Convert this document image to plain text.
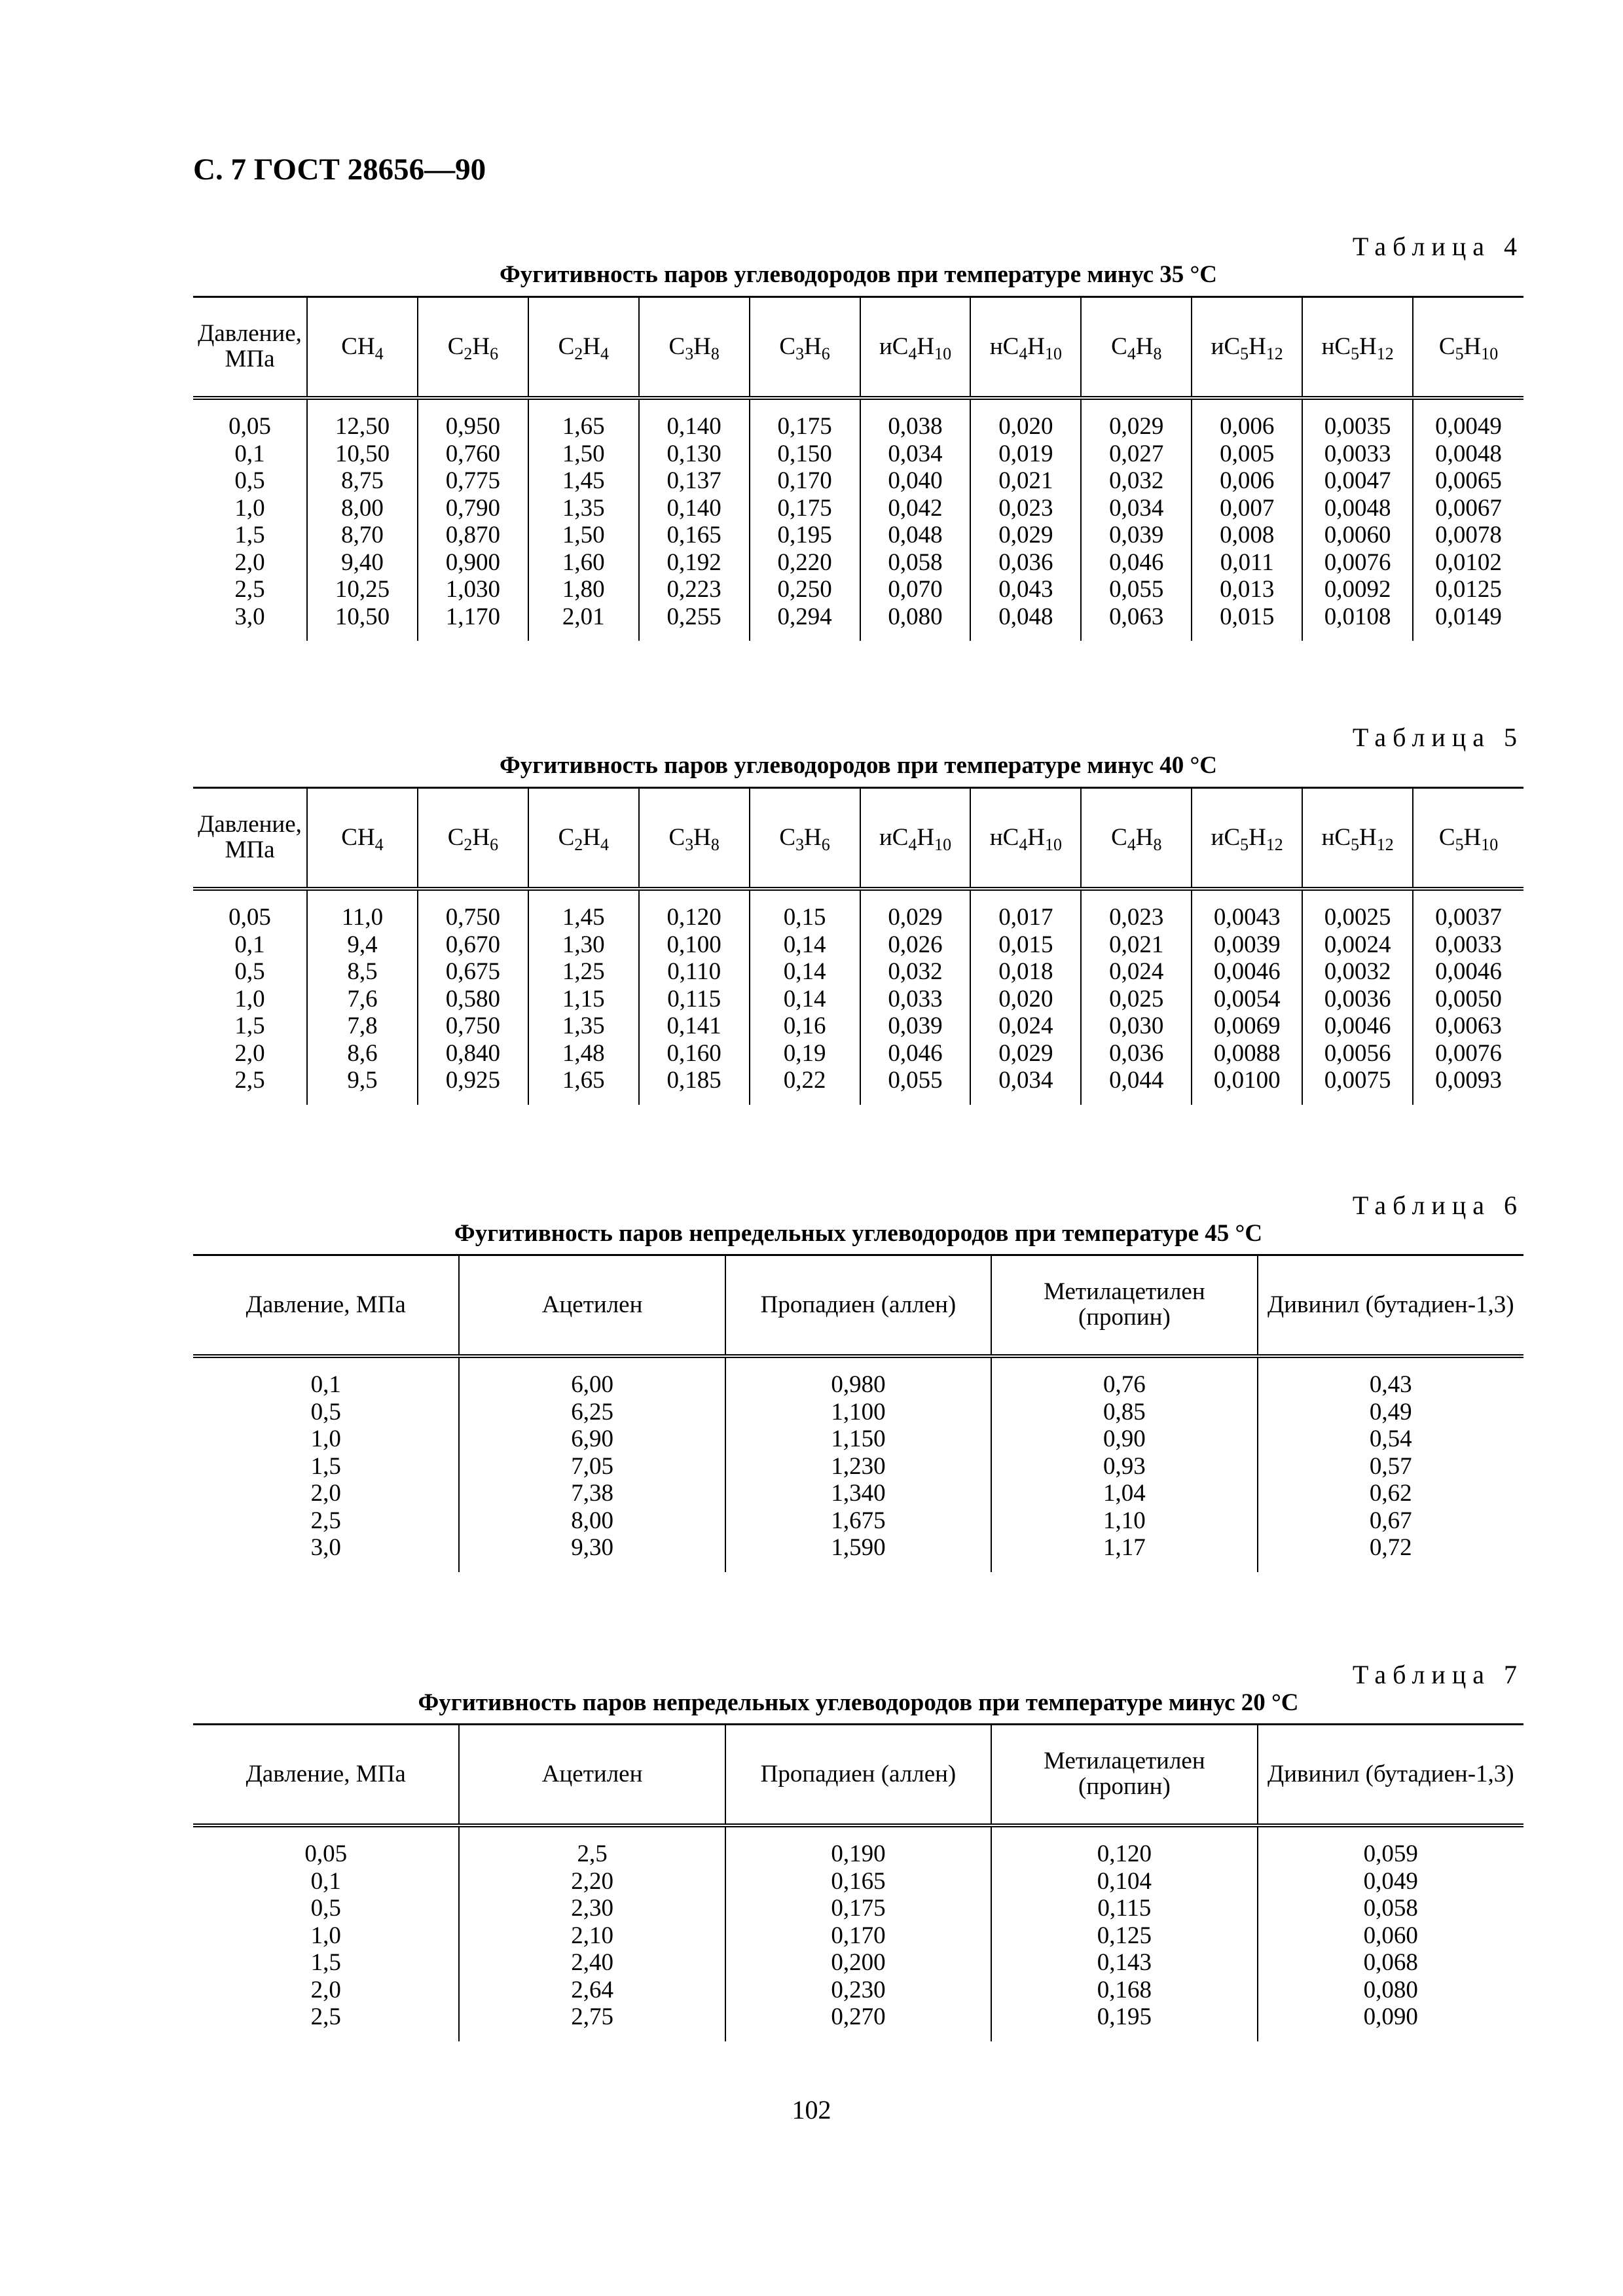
С. 7 ГОСТ 28656—90
Таблица 4
Фугитивность паров углеводородов при температуре минус 35 °С
Давление, МПа	$CH_4$	$C_2H_6$	$C_2H_4$	$C_3H_8$	$C_3H_6$	$иC_4H_{10}$	$нC_4H_{10}$	$C_4H_8$	$иC_5H_{12}$	$нC_5H_{12}$	$C_5H_{10}$
0,05	12,50	0,950	1,65	0,140	0,175	0,038	0,020	0,029	0,006	0,0035	0,0049
0,1	10,50	0,760	1,50	0,130	0,150	0,034	0,019	0,027	0,005	0,0033	0,0048
0,5	8,75	0,775	1,45	0,137	0,170	0,040	0,021	0,032	0,006	0,0047	0,0065
1,0	8,00	0,790	1,35	0,140	0,175	0,042	0,023	0,034	0,007	0,0048	0,0067
1,5	8,70	0,870	1,50	0,165	0,195	0,048	0,029	0,039	0,008	0,0060	0,0078
2,0	9,40	0,900	1,60	0,192	0,220	0,058	0,036	0,046	0,011	0,0076	0,0102
2,5	10,25	1,030	1,80	0,223	0,250	0,070	0,043	0,055	0,013	0,0092	0,0125
3,0	10,50	1,170	2,01	0,255	0,294	0,080	0,048	0,063	0,015	0,0108	0,0149
Таблица 5
Фугитивность паров углеводородов при температуре минус 40 °С
Давление, МПа	$CH_4$	$C_2H_6$	$C_2H_4$	$C_3H_8$	$C_3H_6$	$иC_4H_{10}$	$нC_4H_{10}$	$C_4H_8$	$иC_5H_{12}$	$нC_5H_{12}$	$C_5H_{10}$
0,05	11,0	0,750	1,45	0,120	0,15	0,029	0,017	0,023	0,0043	0,0025	0,0037
0,1	9,4	0,670	1,30	0,100	0,14	0,026	0,015	0,021	0,0039	0,0024	0,0033
0,5	8,5	0,675	1,25	0,110	0,14	0,032	0,018	0,024	0,0046	0,0032	0,0046
1,0	7,6	0,580	1,15	0,115	0,14	0,033	0,020	0,025	0,0054	0,0036	0,0050
1,5	7,8	0,750	1,35	0,141	0,16	0,039	0,024	0,030	0,0069	0,0046	0,0063
2,0	8,6	0,840	1,48	0,160	0,19	0,046	0,029	0,036	0,0088	0,0056	0,0076
2,5	9,5	0,925	1,65	0,185	0,22	0,055	0,034	0,044	0,0100	0,0075	0,0093
Таблица 6
Фугитивность паров непредельных углеводородов при температуре 45 °С
Давление, МПа	Ацетилен	Пропадиен (аллен)	Метилацетилен (пропин)	Дивинил (бутадиен-1,3)
0,1	6,00	0,980	0,76	0,43
0,5	6,25	1,100	0,85	0,49
1,0	6,90	1,150	0,90	0,54
1,5	7,05	1,230	0,93	0,57
2,0	7,38	1,340	1,04	0,62
2,5	8,00	1,675	1,10	0,67
3,0	9,30	1,590	1,17	0,72
Таблица 7
Фугитивность паров непредельных углеводородов при температуре минус 20 °С
Давление, МПа	Ацетилен	Пропадиен (аллен)	Метилацетилен (пропин)	Дивинил (бутадиен-1,3)
0,05	2,5	0,190	0,120	0,059
0,1	2,20	0,165	0,104	0,049
0,5	2,30	0,175	0,115	0,058
1,0	2,10	0,170	0,125	0,060
1,5	2,40	0,200	0,143	0,068
2,0	2,64	0,230	0,168	0,080
2,5	2,75	0,270	0,195	0,090
102
